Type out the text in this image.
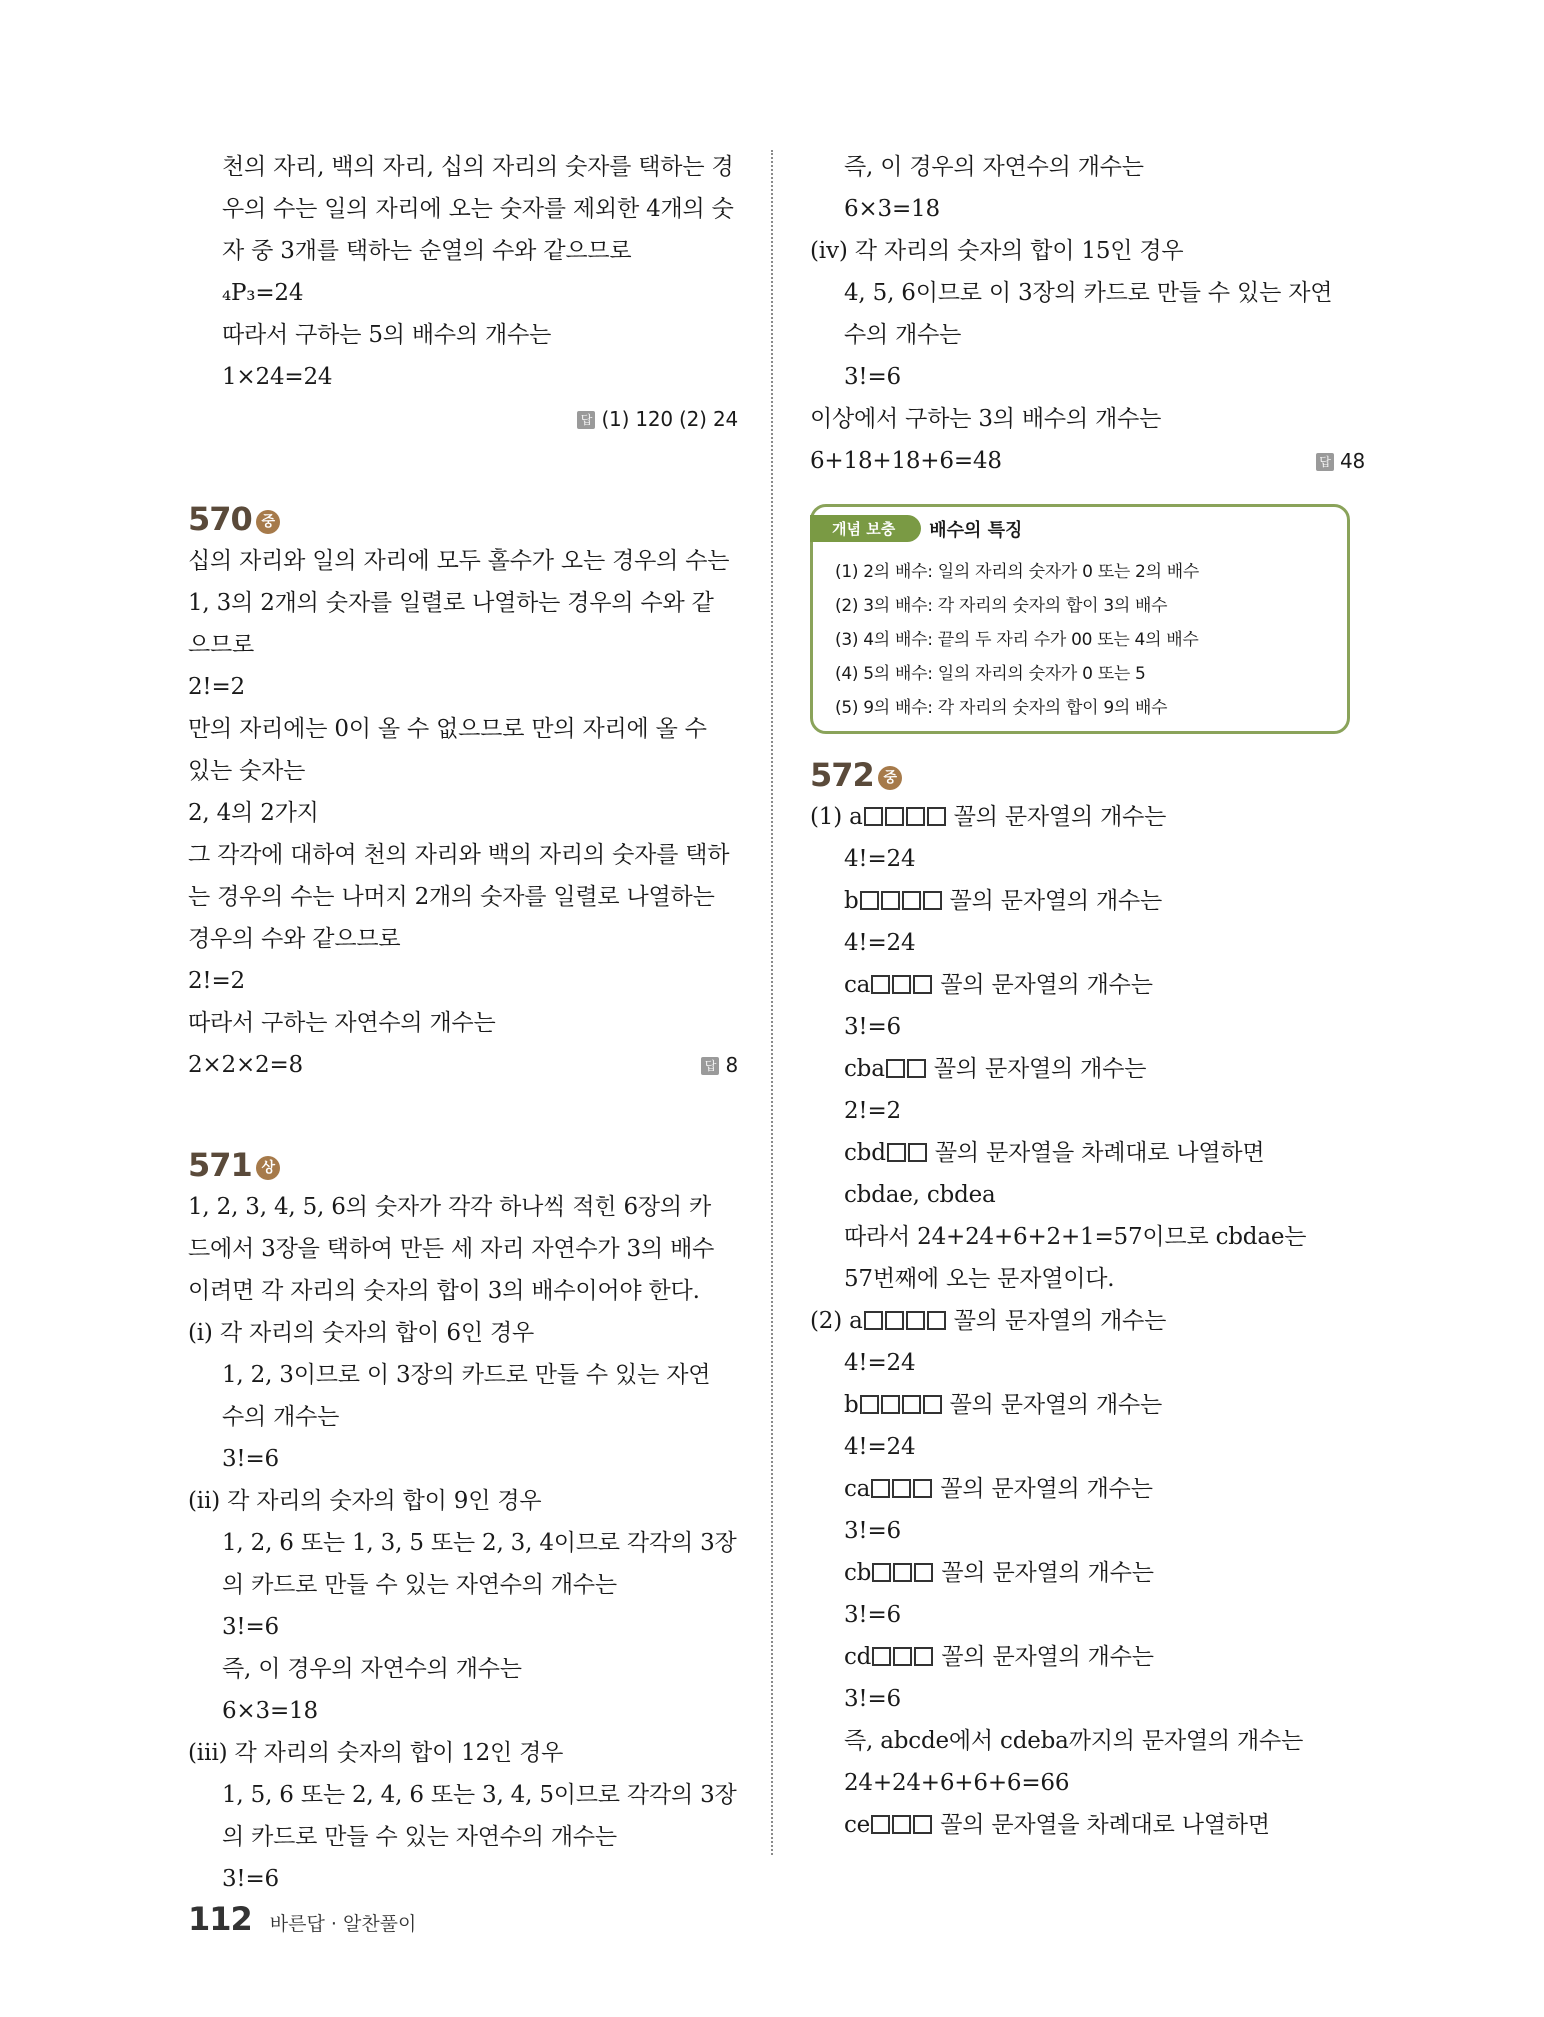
천의 자리, 백의 자리, 십의 자리의 숫자를 택하는 경
우의 수는 일의 자리에 오는 숫자를 제외한 4개의 숫
자 중 3개를 택하는 순열의 수와 같으므로
₄P₃=24
따라서 구하는 5의 배수의 개수는
1×24=24
답 (1) 120 (2) 24
570 중
십의 자리와 일의 자리에 모두 홀수가 오는 경우의 수는
1, 3의 2개의 숫자를 일렬로 나열하는 경우의 수와 같
으므로
2!=2
만의 자리에는 0이 올 수 없으므로 만의 자리에 올 수
있는 숫자는
2, 4의 2가지
그 각각에 대하여 천의 자리와 백의 자리의 숫자를 택하
는 경우의 수는 나머지 2개의 숫자를 일렬로 나열하는
경우의 수와 같으므로
2!=2
따라서 구하는 자연수의 개수는
2×2×2=8	답 8
571 상
1, 2, 3, 4, 5, 6의 숫자가 각각 하나씩 적힌 6장의 카
드에서 3장을 택하여 만든 세 자리 자연수가 3의 배수
이려면 각 자리의 숫자의 합이 3의 배수이어야 한다.
(ⅰ) 각 자리의 숫자의 합이 6인 경우
1, 2, 3이므로 이 3장의 카드로 만들 수 있는 자연
수의 개수는
3!=6
(ⅱ) 각 자리의 숫자의 합이 9인 경우
1, 2, 6 또는 1, 3, 5 또는 2, 3, 4이므로 각각의 3장
의 카드로 만들 수 있는 자연수의 개수는
3!=6
즉, 이 경우의 자연수의 개수는
6×3=18
(ⅲ) 각 자리의 숫자의 합이 12인 경우
1, 5, 6 또는 2, 4, 6 또는 3, 4, 5이므로 각각의 3장
의 카드로 만들 수 있는 자연수의 개수는
3!=6
즉, 이 경우의 자연수의 개수는
6×3=18
(ⅳ) 각 자리의 숫자의 합이 15인 경우
4, 5, 6이므로 이 3장의 카드로 만들 수 있는 자연
수의 개수는
3!=6
이상에서 구하는 3의 배수의 개수는
6+18+18+6=48	답 48
개념 보충	배수의 특징
(1) 2의 배수: 일의 자리의 숫자가 0 또는 2의 배수
(2) 3의 배수: 각 자리의 숫자의 합이 3의 배수
(3) 4의 배수: 끝의 두 자리 수가 00 또는 4의 배수
(4) 5의 배수: 일의 자리의 숫자가 0 또는 5
(5) 9의 배수: 각 자리의 숫자의 합이 9의 배수
572 중
(1) a	꼴의 문자열의 개수는
4!=24
b	꼴의 문자열의 개수는
4!=24
ca	꼴의 문자열의 개수는
3!=6
cba 꼴의 문자열의 개수는
2!=2
cbd 꼴의 문자열을 차례대로 나열하면
cbdae, cbdea
따라서 24+24+6+2+1=57이므로 cbdae는
57번째에 오는 문자열이다.
(2) a	꼴의 문자열의 개수는
4!=24
b	꼴의 문자열의 개수는
4!=24
ca	꼴의 문자열의 개수는
3!=6
cb	꼴의 문자열의 개수는
3!=6
cd	꼴의 문자열의 개수는
3!=6
즉, abcde에서 cdeba까지의 문자열의 개수는
24+24+6+6+6=66
ce	꼴의 문자열을 차례대로 나열하면
112 바른답 · 알찬풀이
